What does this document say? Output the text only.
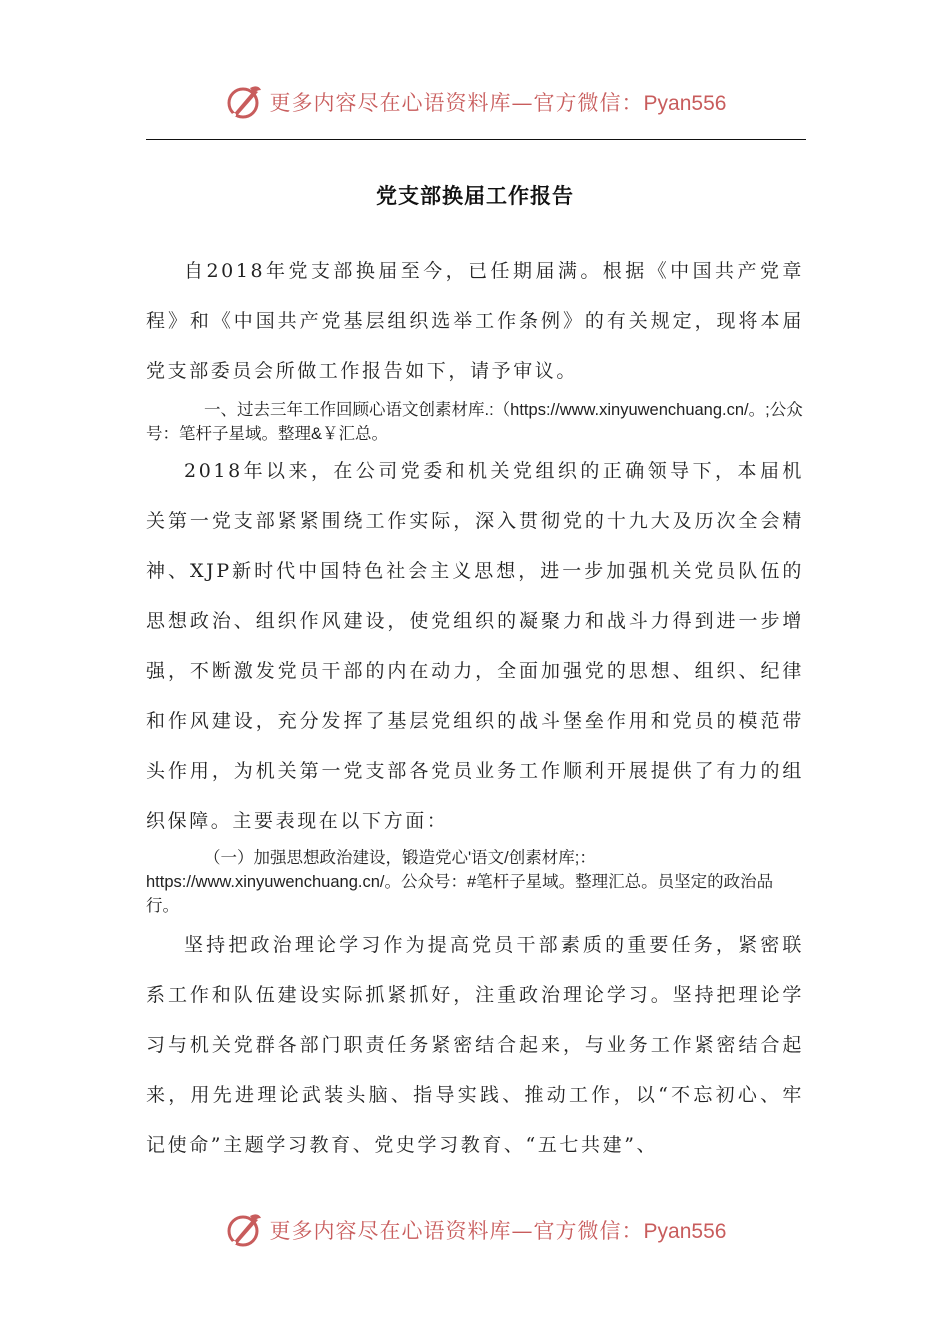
更多内容尽在心语资料库—官方微信：Pyan556
党支部换届工作报告

自2018年党支部换届至今，已任期届满。根据《中国共产党章程》和《中国共产党基层组织选举工作条例》的有关规定，现将本届党支部委员会所做工作报告如下，请予审议。

一、过去三年工作回顾心语文创素材库.:（https://www.xinyuwenchuang.cn/。;公众号：笔杆子星域。整理&￥汇总。

2018年以来，在公司党委和机关党组织的正确领导下，本届机关第一党支部紧紧围绕工作实际，深入贯彻党的十九大及历次全会精神、XJP新时代中国特色社会主义思想，进一步加强机关党员队伍的思想政治、组织作风建设，使党组织的凝聚力和战斗力得到进一步增强，不断激发党员干部的内在动力，全面加强党的思想、组织、纪律和作风建设，充分发挥了基层党组织的战斗堡垒作用和党员的模范带头作用，为机关第一党支部各党员业务工作顺利开展提供了有力的组织保障。主要表现在以下方面：

（一）加强思想政治建设，锻造党心'语文/创素材库;：https://www.xinyuwenchuang.cn/。公众号：#笔杆子星域。整理汇总。员坚定的政治品行。

坚持把政治理论学习作为提高党员干部素质的重要任务，紧密联系工作和队伍建设实际抓紧抓好，注重政治理论学习。坚持把理论学习与机关党群各部门职责任务紧密结合起来，与业务工作紧密结合起来，用先进理论武装头脑、指导实践、推动工作，以“不忘初心、牢记使命”主题学习教育、党史学习教育、“五七共建”、

更多内容尽在心语资料库—官方微信：Pyan556
